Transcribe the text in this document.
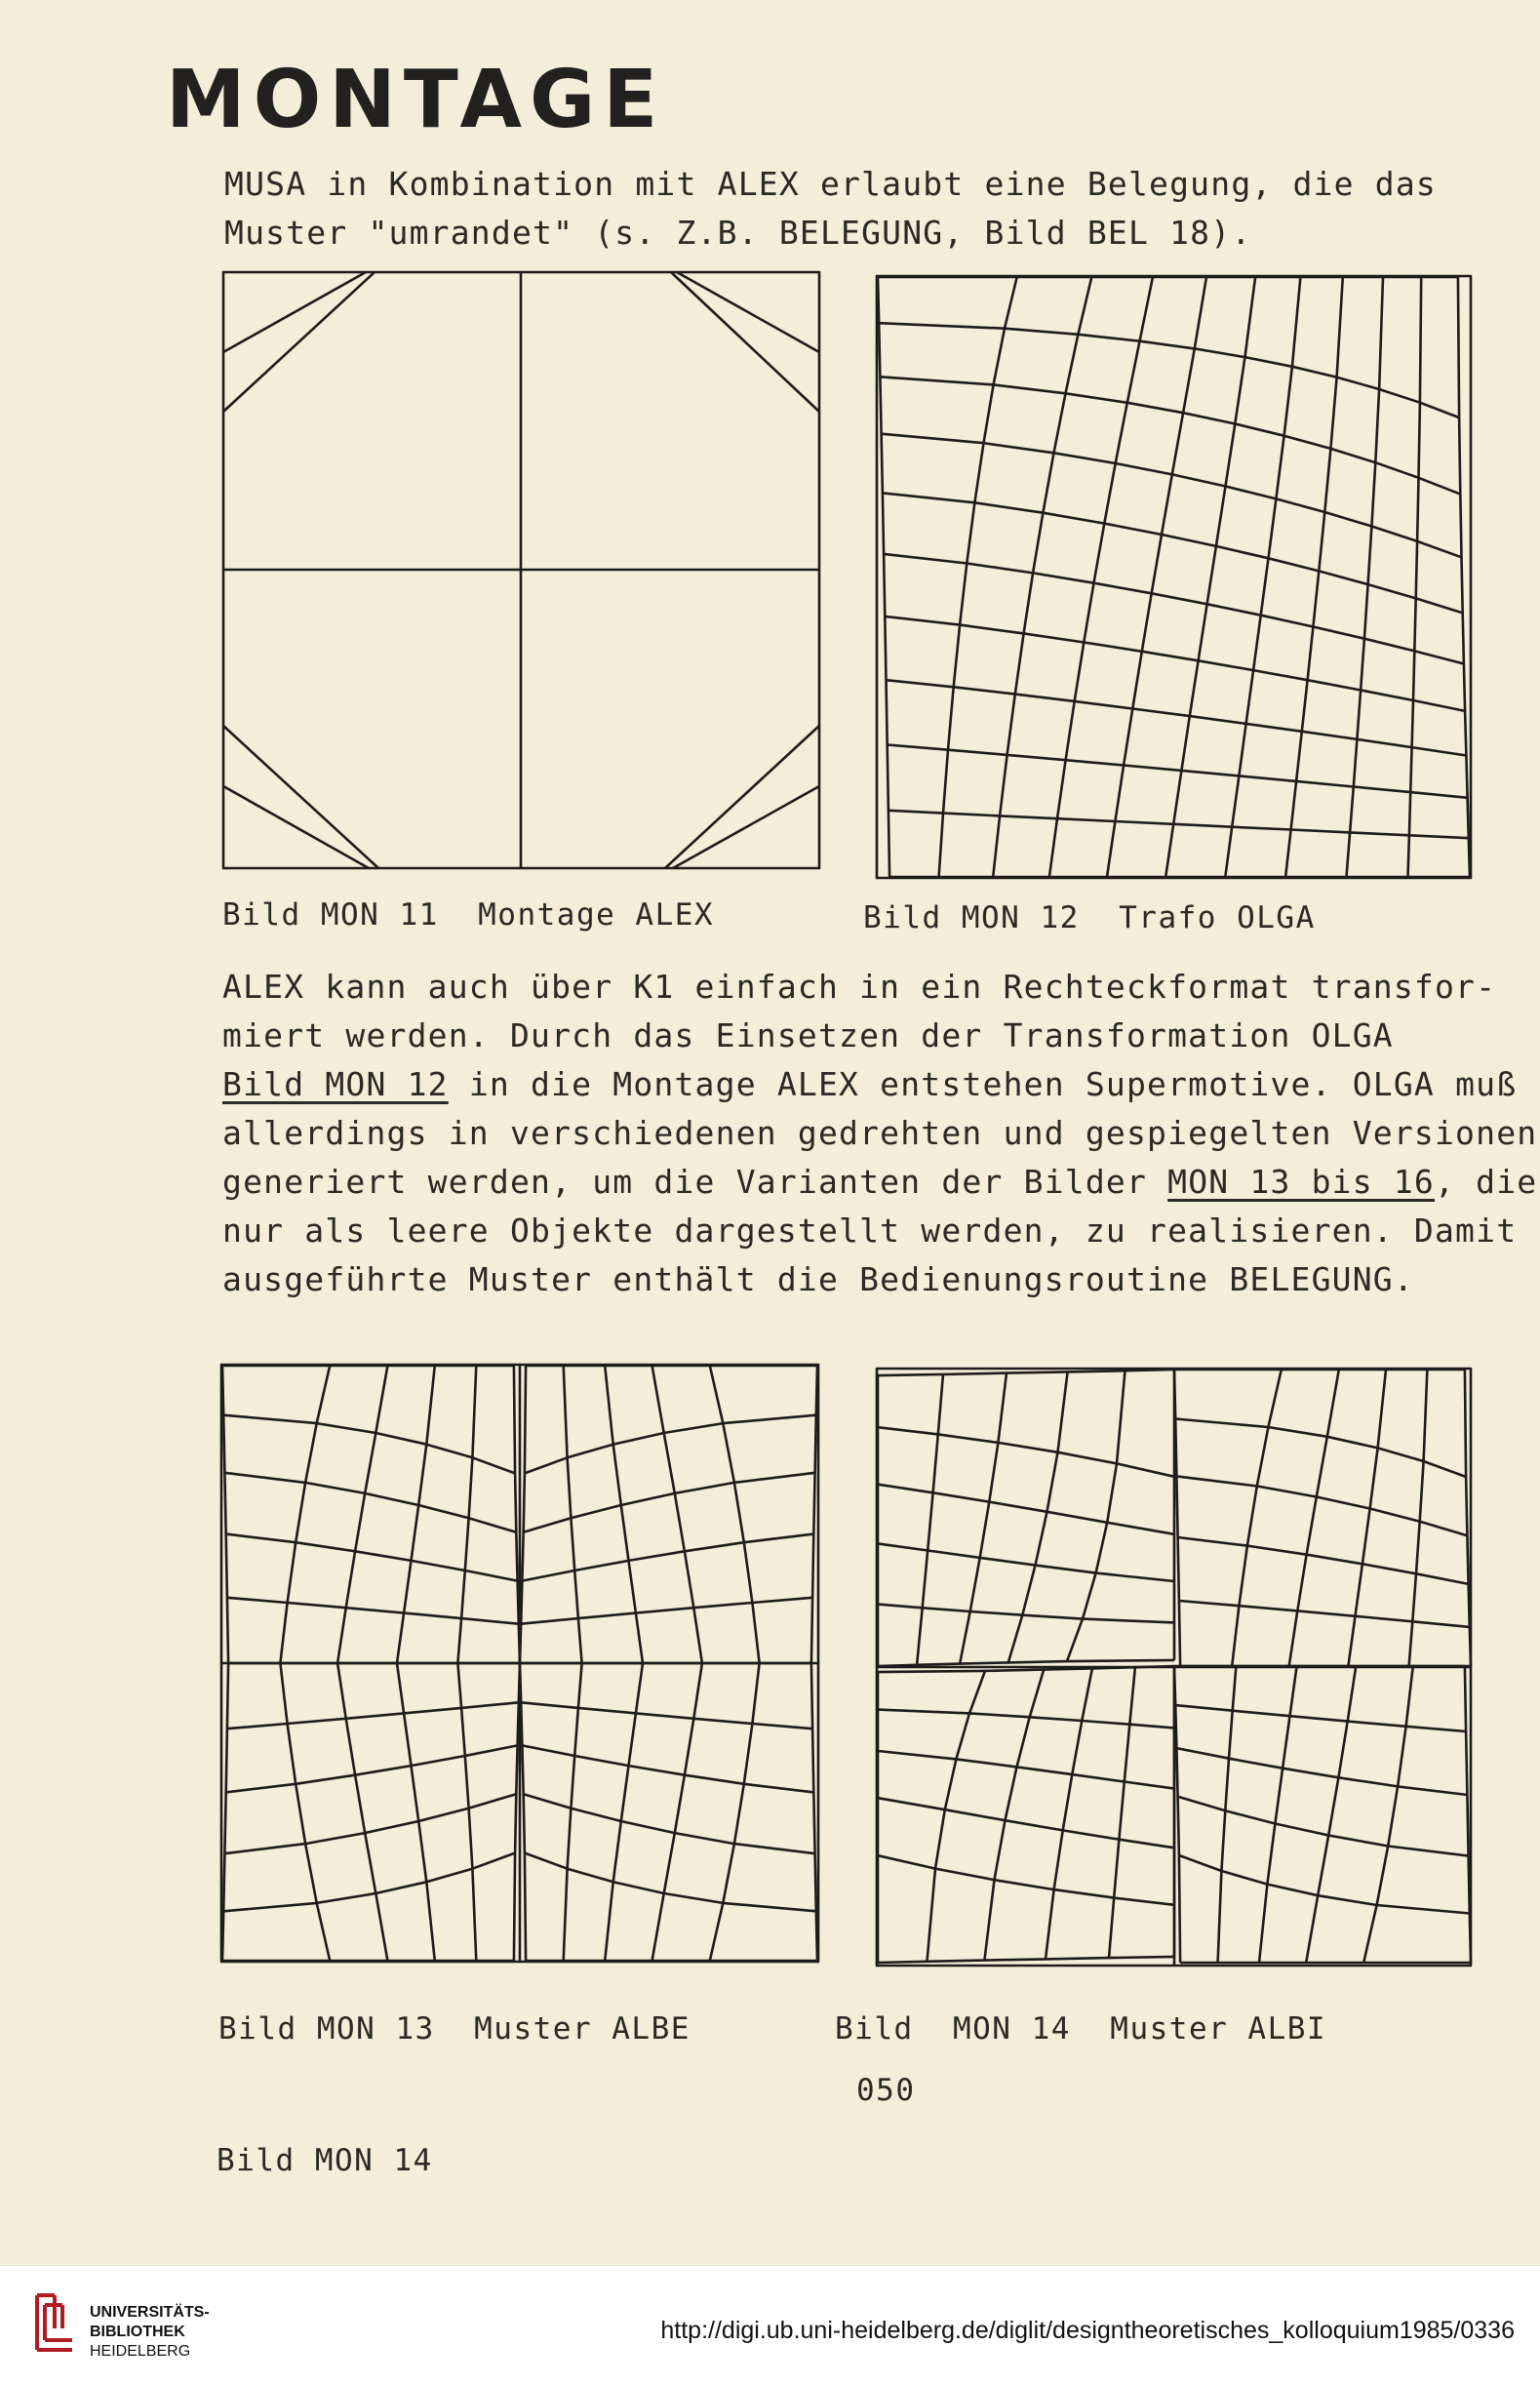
MONTAGE
MUSA in Kombination mit ALEX erlaubt eine Belegung, die das
Muster "umrandet" (s. Z.B. BELEGUNG, Bild BEL 18).
Bild MON 11  Montage ALEX	Bild MON 12  Trafo OLGA
ALEX kann auch über K1 einfach in ein Rechteckformat transfor-
miert werden. Durch das Einsetzen der Transformation OLGA
Bild MON 12 in die Montage ALEX entstehen Supermotive. OLGA muß
allerdings in verschiedenen gedrehten und gespiegelten Versionen
generiert werden, um die Varianten der Bilder MON 13 bis 16, die
nur als leere Objekte dargestellt werden, zu realisieren. Damit
ausgeführte Muster enthält die Bedienungsroutine BELEGUNG.
Bild MON 13  Muster ALBE	Bild  MON 14  Muster ALBI
050
Bild MON 14
UNIVERSITÄTS-
BIBLIOTHEK
HEIDELBERG
http://digi.ub.uni-heidelberg.de/diglit/designtheoretisches_kolloquium1985/0336
